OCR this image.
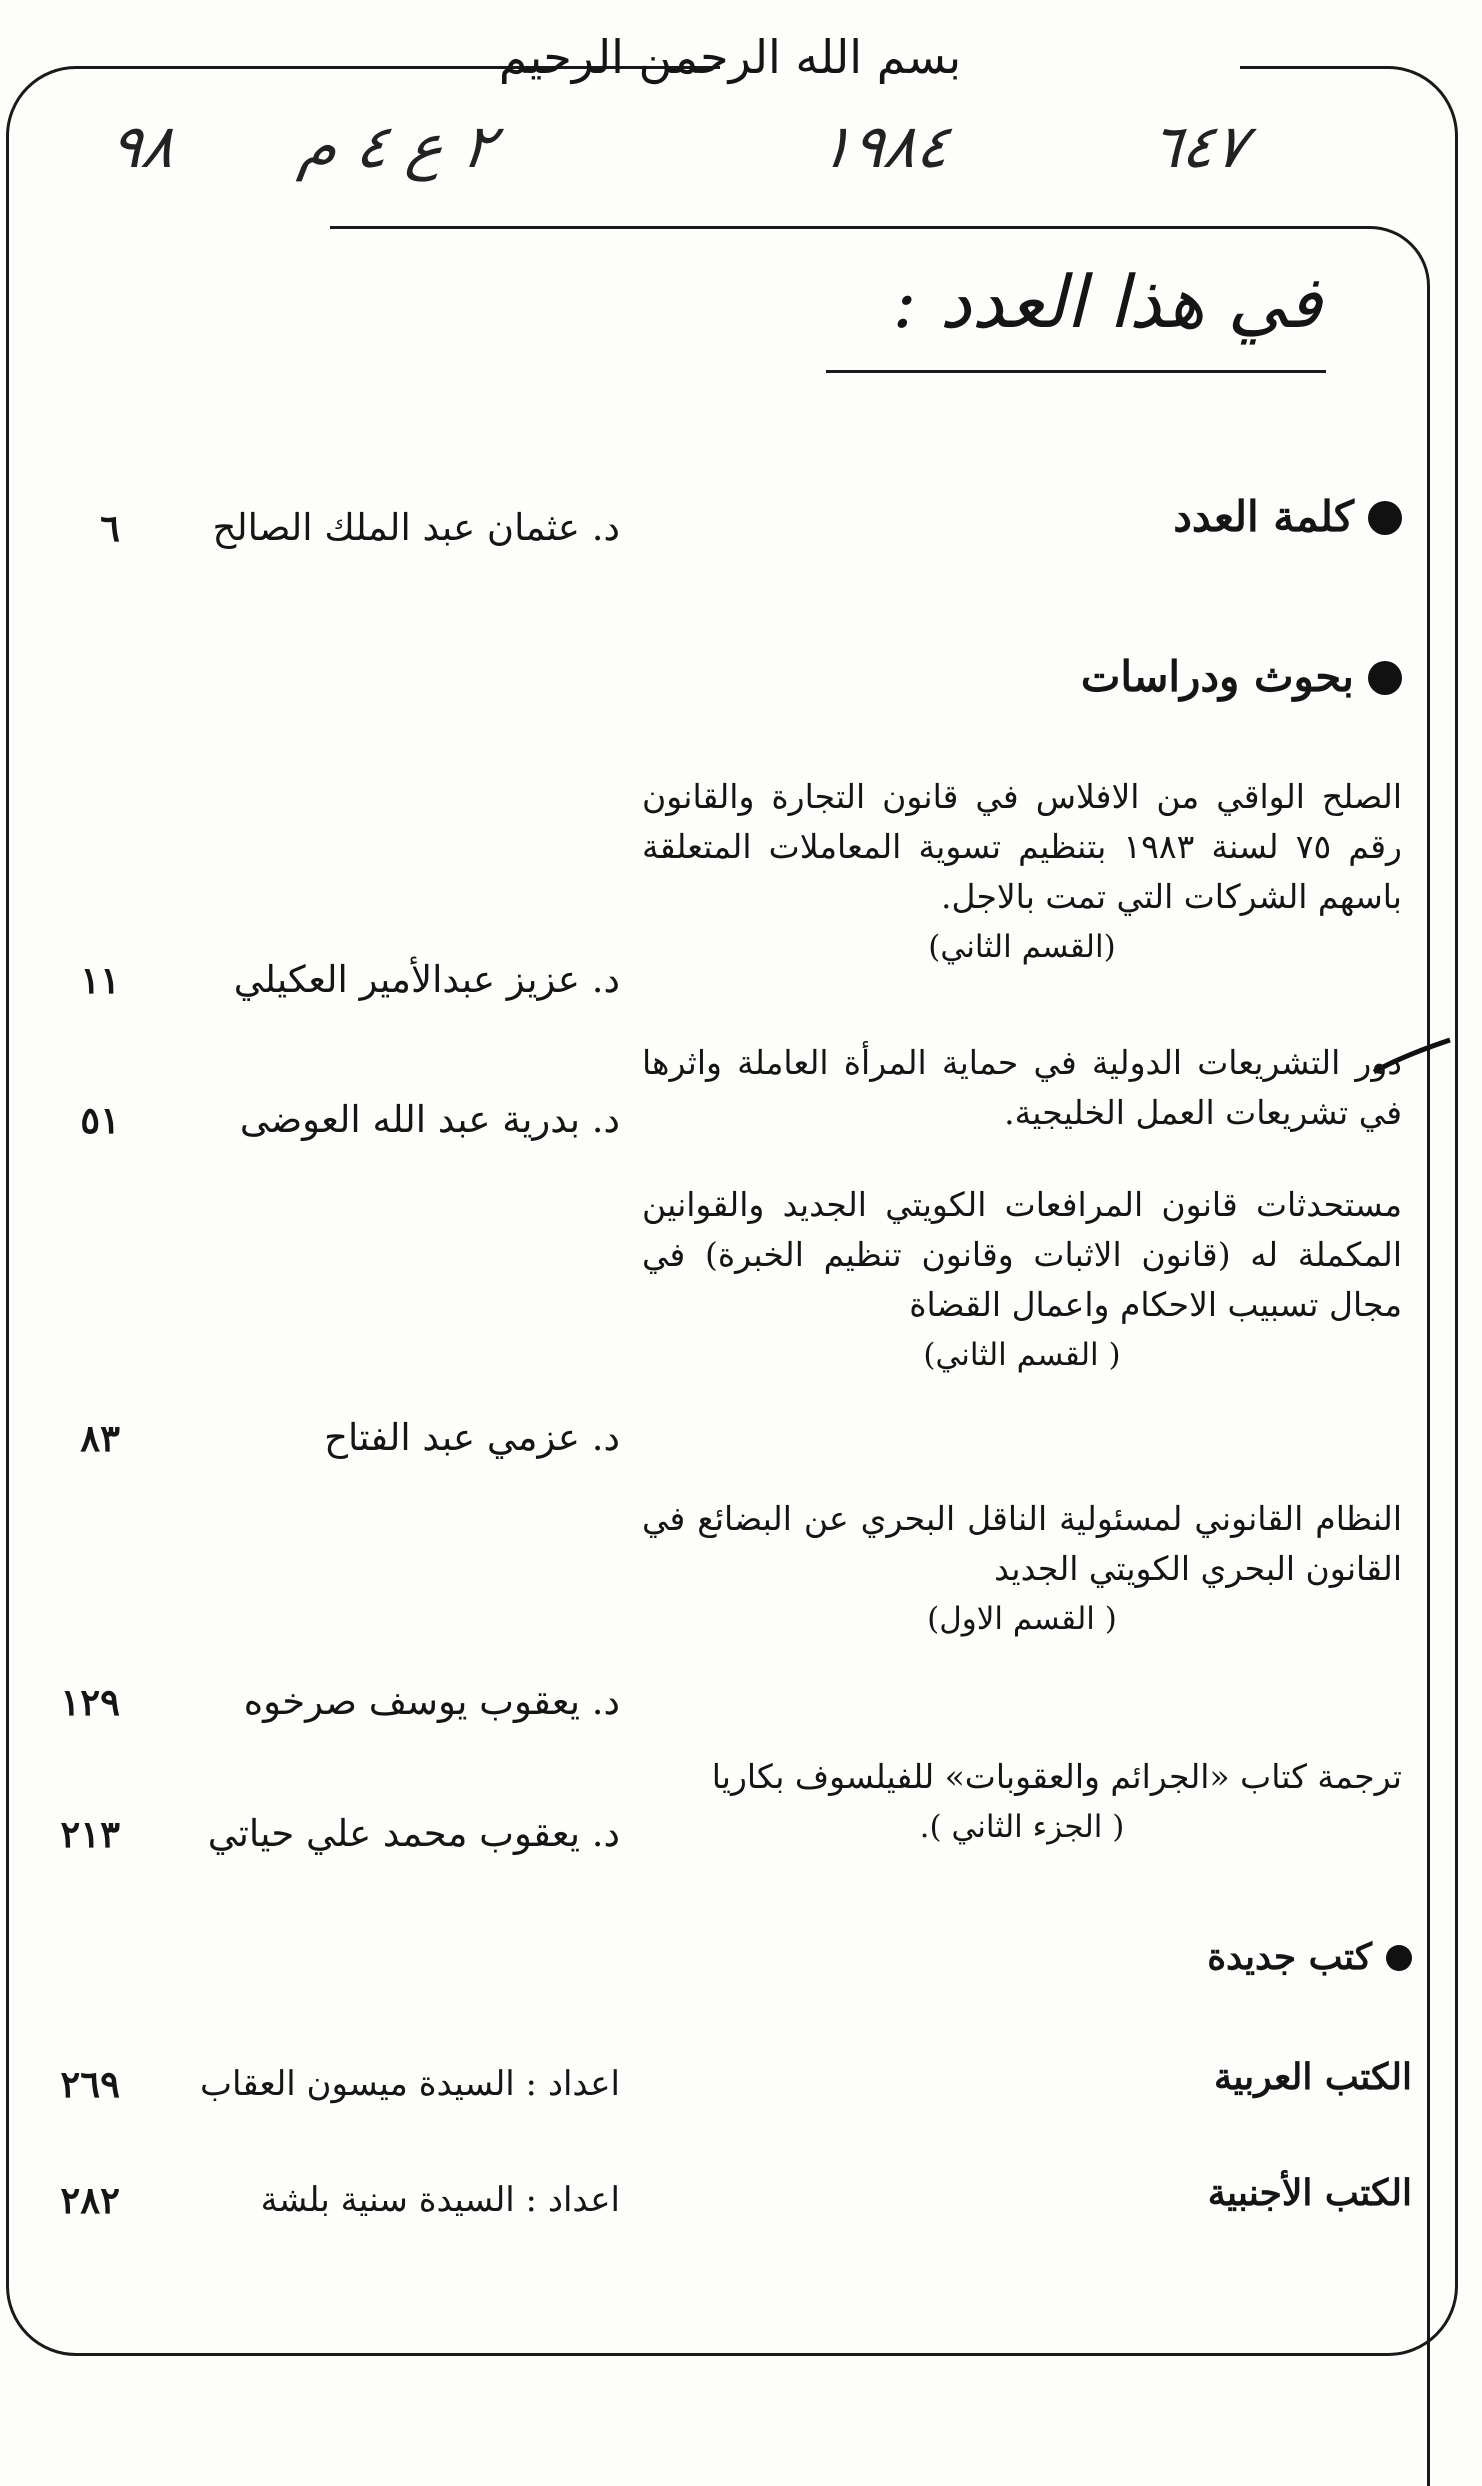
بسم الله الرحمن الرحيم
٩٨ ٢ ع ٤ م	١٩٨٤	٦٤٧
في هذا العدد :
كلمة العدد
د. عثمان عبد الملك الصالح
٦
بحوث ودراسات
الصلح الواقي من الافلاس في قانون التجارة والقانون رقم ٧٥ لسنة ١٩٨٣ بتنظيم تسوية المعاملات المتعلقة باسهم الشركات التي تمت بالاجل.
(القسم الثاني)
د. عزيز عبدالأمير العكيلي
١١
دور التشريعات الدولية في حماية المرأة العاملة واثرها في تشريعات العمل الخليجية.
د. بدرية عبد الله العوضى
٥١
مستحدثات قانون المرافعات الكويتي الجديد والقوانين المكملة له (قانون الاثبات وقانون تنظيم الخبرة) في مجال تسبيب الاحكام واعمال القضاة
( القسم الثاني)
د. عزمي عبد الفتاح
٨٣
النظام القانوني لمسئولية الناقل البحري عن البضائع في القانون البحري الكويتي الجديد
( القسم الاول)
د. يعقوب يوسف صرخوه
١٢٩
ترجمة كتاب «الجرائم والعقوبات» للفيلسوف بكاريا
( الجزء الثاني ).
د. يعقوب محمد علي حياتي
٢١٣
كتب جديدة
الكتب العربية
اعداد : السيدة ميسون العقاب
٢٦٩
الكتب الأجنبية
اعداد : السيدة سنية بلشة
٢٨٢
